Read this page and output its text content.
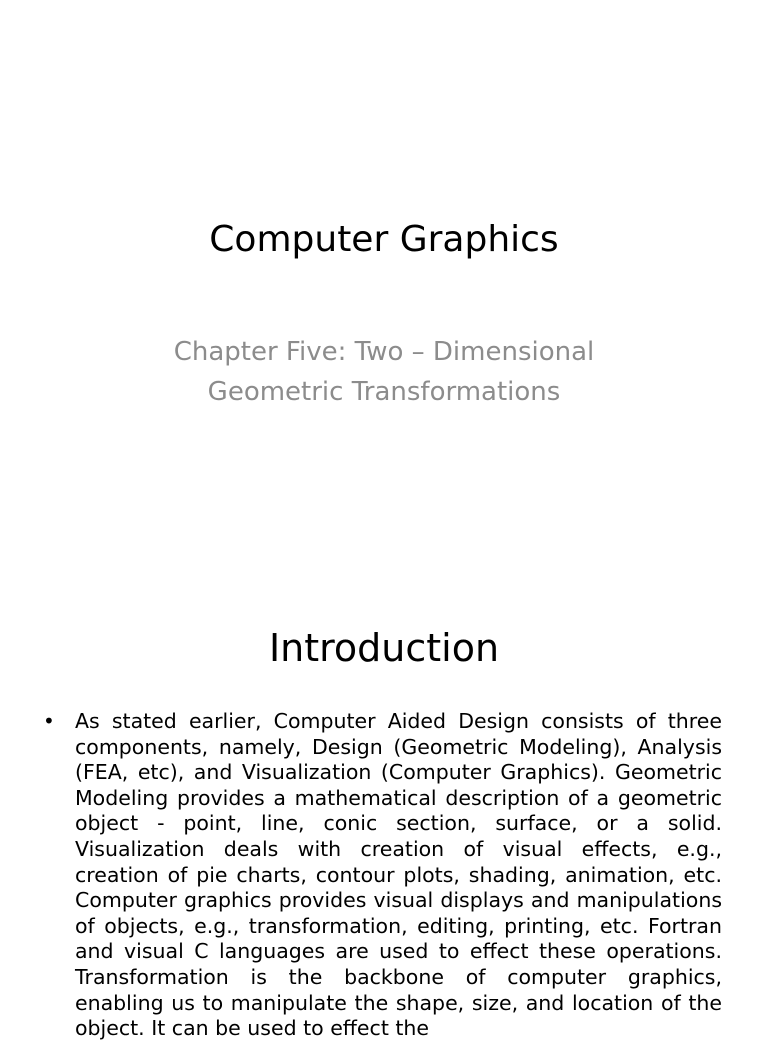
Computer Graphics
Chapter Five: Two – Dimensional
Geometric Transformations
Introduction
• As stated earlier, Computer Aided Design consists of three components, namely, Design (Geometric Modeling), Analysis (FEA, etc), and Visualization (Computer Graphics). Geometric Modeling provides a mathematical description of a geometric object - point, line, conic section, surface, or a solid. Visualization deals with creation of visual effects, e.g., creation of pie charts, contour plots, shading, animation, etc. Computer graphics provides visual displays and manipulations of objects, e.g., transformation, editing, printing, etc. Fortran and visual C languages are used to effect these operations. Transformation is the backbone of computer graphics, enabling us to manipulate the shape, size, and location of the object. It can be used to effect the
